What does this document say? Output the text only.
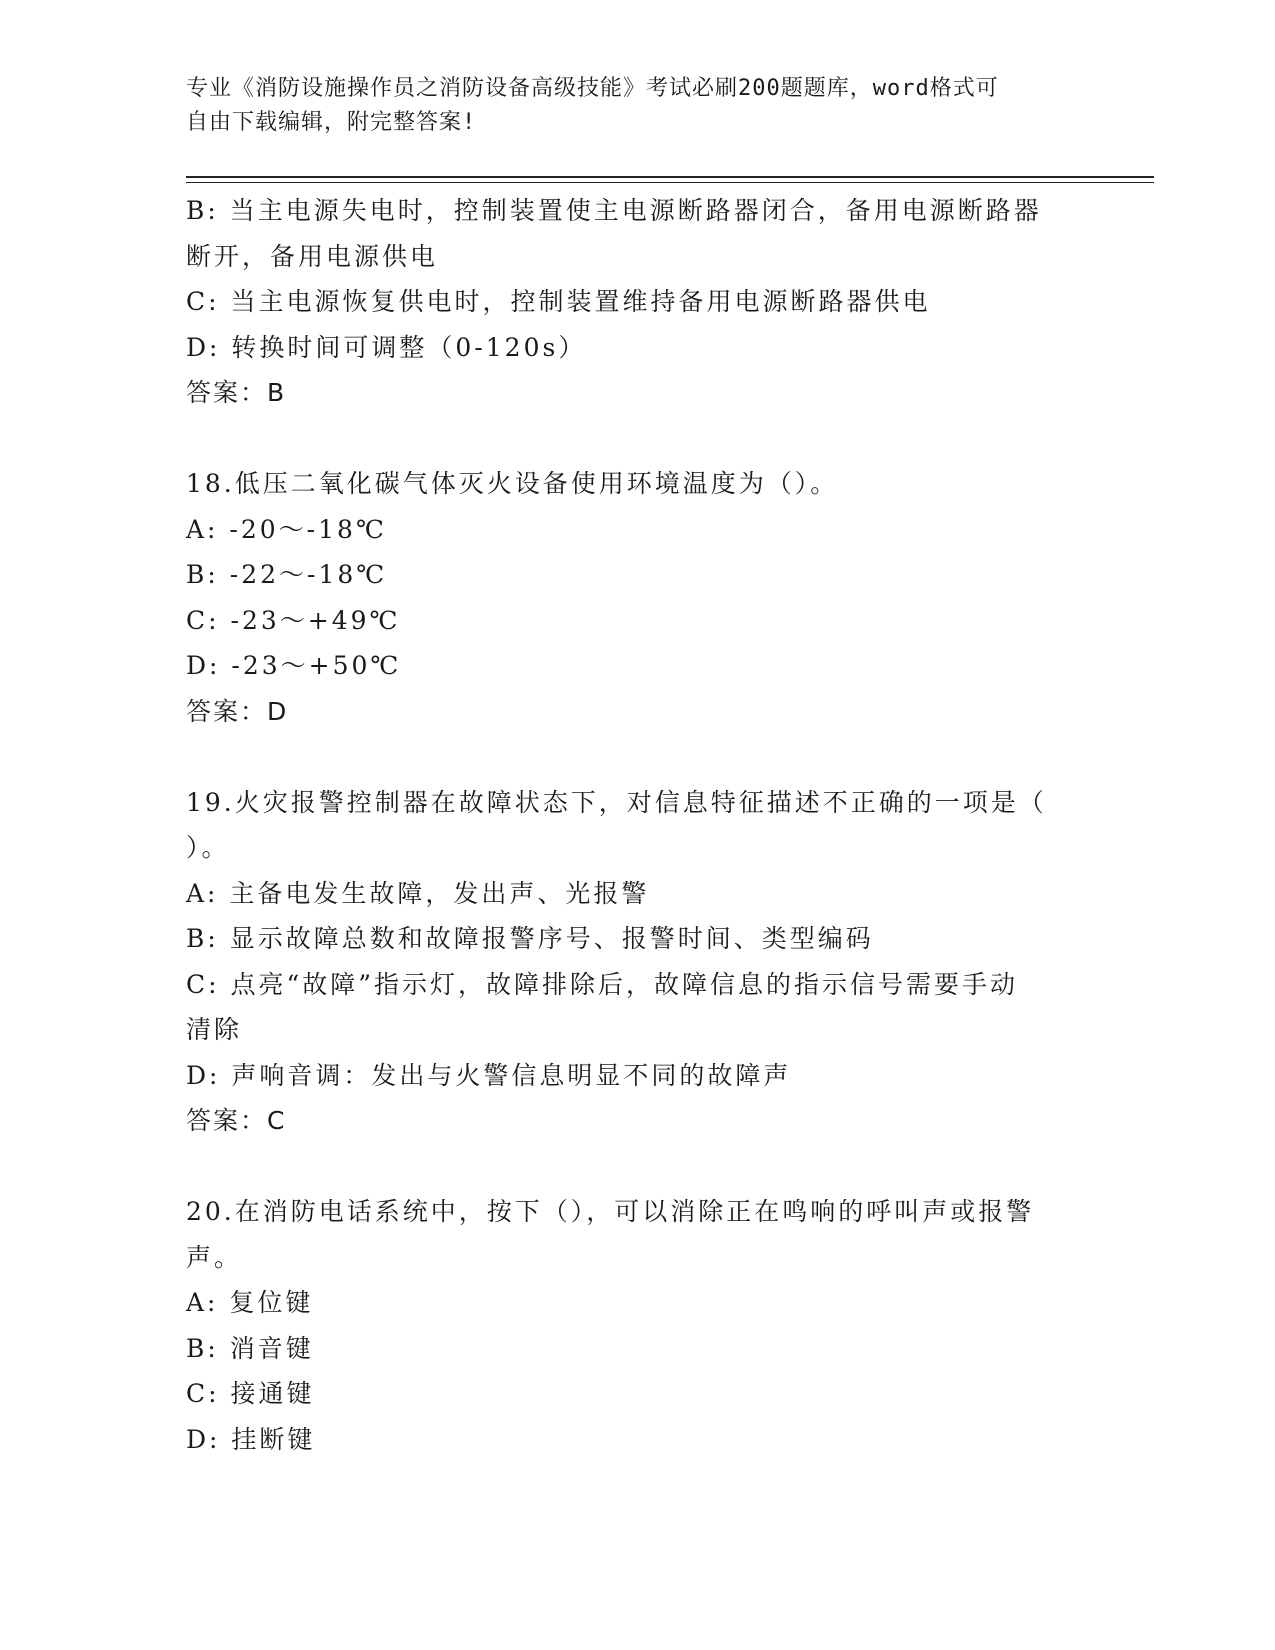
专业《消防设施操作员之消防设备高级技能》考试必刷200题题库，word格式可
自由下载编辑，附完整答案!

B: 当主电源失电时，控制装置使主电源断路器闭合，备用电源断路器

断开，备用电源供电

C: 当主电源恢复供电时，控制装置维持备用电源断路器供电

D: 转换时间可调整（0-120s）

答案：B

18.低压二氧化碳气体灭火设备使用环境温度为（）。

A: -20～-18℃

B: -22～-18℃

C: -23～+49℃

D: -23～+50℃

答案：D

19.火灾报警控制器在故障状态下，对信息特征描述不正确的一项是（

）。

A: 主备电发生故障，发出声、光报警

B: 显示故障总数和故障报警序号、报警时间、类型编码

C: 点亮“故障”指示灯，故障排除后，故障信息的指示信号需要手动

清除

D: 声响音调：发出与火警信息明显不同的故障声

答案：C

20.在消防电话系统中，按下（），可以消除正在鸣响的呼叫声或报警

声。

A: 复位键

B: 消音键

C: 接通键

D: 挂断键
